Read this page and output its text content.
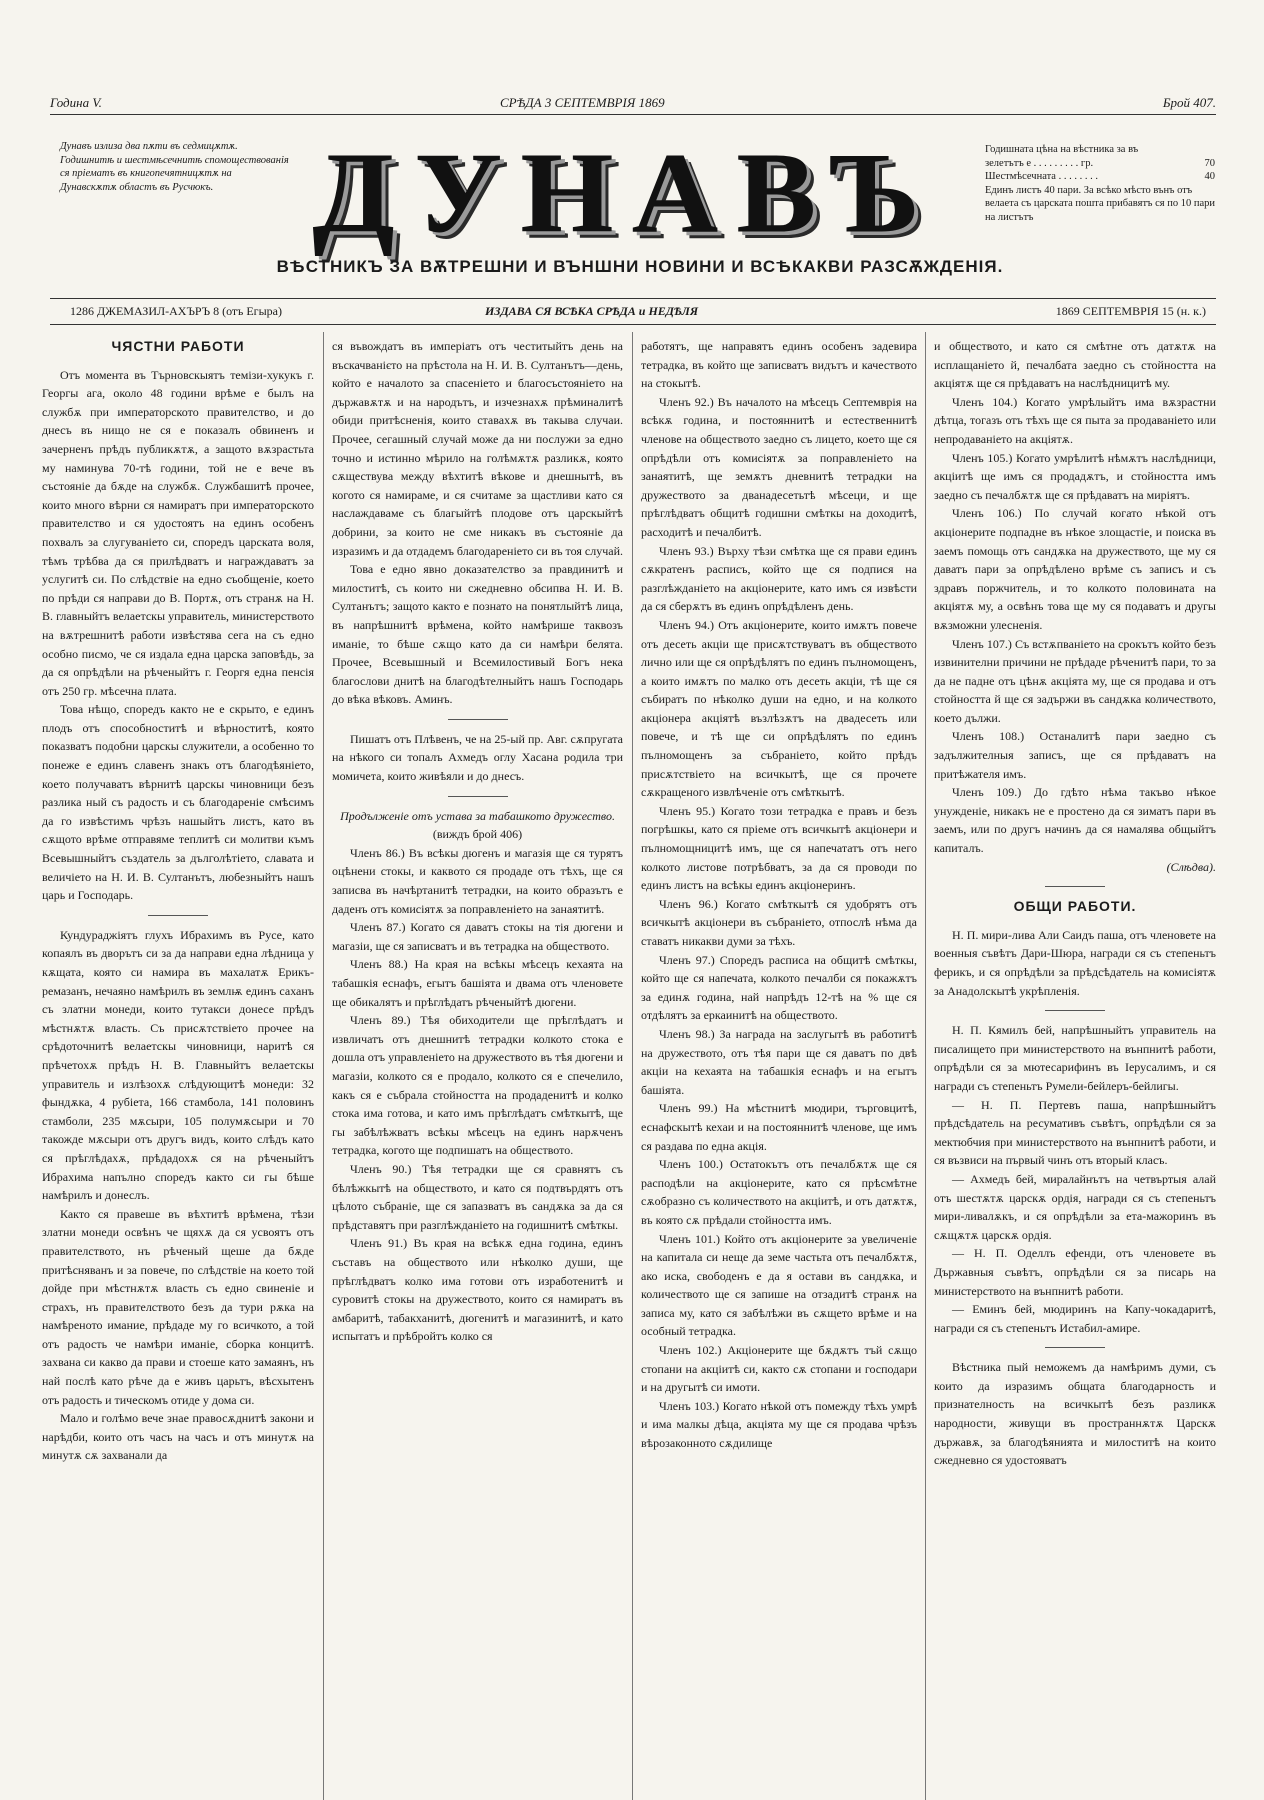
Година V.	СРѢДА 3 СЕПТЕМВРІЯ 1869	Брой 407.
Дунавъ излиза два пѫти въ седмицѫтѫ. Годишнитѣ и шестмѣсечнитѣ спомоществованія ся пріематъ въ книгопечятницѫтѫ на Дунавскѫтѫ областъ въ Русчюкъ.
Годишната цѣна на вѣстника за въ
зелетътъ е . . . . . . . . . гр.	70
Шестмѣсечната . . . . . . . .	40
Единъ листъ 40 пари. За всѣко мѣсто вънъ отъ велаета съ царската пошта прибавятъ ся по 10 пари на листътъ
ДУНАВЪ
ВѢСТНИКЪ ЗА ВѪТРЕШНИ И ВЪНШНИ НОВИНИ И ВСѢКАКВИ РАЗСѪЖДЕНІЯ.
1286 ДЖЕМАЗИЛ-АХЪРЪ 8 (отъ Егыра)	ИЗДАВА СЯ ВСѢКА СРѢДА и НЕДѢЛЯ	1869 СЕПТЕМВРІЯ 15 (н. к.)
ЧЯСТНИ РАБОТИ

Отъ момента въ Търновскыятъ темізи-хукукъ г. Георгы ага, около 48 години врѣме е былъ на службѫ при императорското правителство, и до днесъ въ нищо не ся е показалъ обвиненъ и зачерненъ прѣдъ публикѫтѫ, а защото вѫзрастьта му наминува 70-тѣ години, той не е вече въ състояніе да бѫде на службѫ. Службашитѣ прочее, които много вѣрни ся намиратъ при императорското правителство и ся удостоятъ на единъ особенъ похвалъ за слугуваніето си, споредъ царската воля, тѣмъ трѣбва да ся прилѣдватъ и награждаватъ за услугитѣ си. По слѣдствіе на едно съобщеніе, което по прѣди ся направи до В. Портѫ, отъ странѫ на Н. В. главныйтъ велаетскы управитель, министерството на вѫтрешнитѣ работи извѣстява сега на съ едно особно писмо, че ся издала една царска заповѣдь, за да ся опрѣдѣли на рѣченыйтъ г. Георгя една пенсія отъ 250 гр. мѣсечна плата.

Това нѣщо, споредъ както не е скрыто, е единъ плодъ отъ способноститѣ и вѣрноститѣ, която показватъ подобни царскы служители, а особенно то понеже е единъ славенъ знакъ отъ благодѣяніето, което получаватъ вѣрнитѣ царскы чиновници безъ разлика ный съ радость и съ благодареніе смѣсимъ да го извѣстимъ чрѣзъ нашыйтъ листъ, като въ сѫщото врѣме отправяме теплитѣ си молитви къмъ Всевышныйтъ създатель за дълголѣтіето, славата и величіето на Н. И. В. Султанътъ, любезныйтъ нашъ царь и Господарь.

Кундураджіятъ глухъ Ибрахимъ въ Русе, като копаялъ въ дворътъ си за да направи една лѣдница у кѫщата, която си намира въ махалатѫ Ерикъ-ремазанъ, нечаяно намѣрилъ въ землѭ единъ саханъ съ златни монеди, които тутакси донесе прѣдъ мѣстнѫтѫ власть. Съ присѫтствіето прочее на срѣдоточнитѣ велаетскы чиновници, наритѣ ся прѣчетохѫ прѣдъ Н. В. Главныйтъ велаетскы управитель и излѣзохѫ слѣдующитѣ монеди: 32 фындѫка, 4 рубіета, 166 стамбола, 141 половинъ стамболи, 235 мѫсыри, 105 полумѫсыри и 70 такожде мѫсыри отъ другъ видъ, които слѣдъ като ся прѣглѣдахѫ, прѣдадохѫ ся на рѣченыйтъ Ибрахима напълно споредъ както си гы бѣше намѣрилъ и донеслъ.

Както ся правеше въ вѣхтитѣ врѣмена, тѣзи златни монеди освѣнъ че щяхѫ да ся усвоятъ отъ правителството, нъ рѣченый щеше да бѫде притѣсняванъ и за повече, по слѣдствіе на което той дойде при мѣстнѫтѫ власть съ едно свиненіе и страхъ, нъ правителството безъ да тури рѫка на намѣреното имание, прѣдаде му го всичкото, а той отъ радость че намѣри иманіе, сборка концитѣ. захвана си какво да прави и стоеше като замаянъ, нъ най послѣ като рѣче да е живъ царьтъ, вѣсхытенъ отъ радость и тическомъ отиде у дома си.

Мало и голѣмо вече знае правосѫднитѣ закони и нарѣдби, които отъ часъ на часъ и отъ минутѫ на минутѫ сѫ захванали да

ся въвождатъ въ имперіатъ отъ честитыйтъ день на въскачванієто на прѣстола на Н. И. В. Султанътъ—день, който е началото за спасеніето и благосъстояніето на държавѫтѫ и на народътъ, и изчезнахѫ прѣминалитѣ обиди притѣсненія, които ставахѫ въ такыва случаи. Прочее, сегашный случай може да ни послужи за едно точно и истинно мѣрило на голѣмѫтѫ разликѫ, която сѫществува между вѣхтитѣ вѣкове и днешнытѣ, въ когото ся намираме, и ся считаме за щастливи като ся наслаждаваме съ благыйтѣ плодове отъ царскыйтѣ добрини, за които не сме никакъ въ състояніе да изразимъ и да отдадемъ благодареніето си въ тоя случай.

Това е едно явно доказателство за правдинитѣ и милоститѣ, съ които ни сжедневно обсипва Н. И. В. Султанътъ; защото както е познато на понятлыйтѣ лица, въ напрѣшнитѣ врѣмена, който намѣрише таквозъ иманіе, то бѣше сѫщо като да си намѣри белята. Прочее, Всевышный и Всемилостивый Богъ нека благослови днитѣ на благодѣтелныйтъ нашъ Господарь до вѣка вѣковъ. Аминъ.

Пишатъ отъ Плѣвенъ, че на 25-ый пр. Авг. сѫпругата на нѣкого си топалъ Ахмедъ оглу Хасана родила три момичета, които живѣяли и до днесъ.

Продълженіе отъ устава за табашкото дружество.

(виждъ брой 406)

Членъ 86.) Въ всѣкы дюгенъ и магазія ще ся турятъ оцѣнени стокы, и каквото ся продаде отъ тѣхъ, ще ся записва въ начѣртанитѣ тетрадки, на които образътъ е даденъ отъ комисіятѫ за поправленіето на занаятитѣ.

Членъ 87.) Когато ся даватъ стокы на тія дюгени и магазіи, ще ся записватъ и въ тетрадка на обществото.

Членъ 88.) На края на всѣкы мѣсецъ кехаята на табашкія еснафъ, егытъ башіята и двама отъ членовете ще обикалятъ и прѣглѣдатъ рѣченыйтѣ дюгени.

Членъ 89.) Тѣя обиходители ще прѣглѣдатъ и извличатъ отъ днешнитѣ тетрадки колкото стока е дошла отъ управленіето на дружеството въ тѣя дюгени и магазіи, колкото ся е продало, колкото ся е спечелило, какъ ся е събрала стойността на продаденитѣ и колко стока има готова, и като имъ прѣглѣдатъ смѣткытѣ, ще гы забѣлѣжватъ всѣкы мѣсецъ на единъ нарѫченъ тетрадка, когото ще подпишатъ на обществото.

Членъ 90.) Тѣя тетрадки ще ся сравнятъ съ бѣлѣжкытѣ на обществото, и като ся подтвърдятъ отъ цѣлото събраніе, ще ся запазватъ въ сандѫка за да ся прѣдставятъ при разглѣжданіето на годишнитѣ смѣткы.

Членъ 91.) Въ края на всѣкѫ една година, единъ съставъ на обществото или нѣколко души, ще прѣглѣдватъ колко има готови отъ изработенитѣ и суровитѣ стокы на дружеството, които ся намиратъ въ амбаритѣ, табакханитѣ, дюгенитѣ и магазинитѣ, и като испытатъ и прѣбройтъ колко ся

работятъ, ще направятъ единъ особенъ задевира тетрадка, въ който ще записватъ видътъ и качеството на стокытѣ.

Членъ 92.) Въ началото на мѣсецъ Септемврія на всѣкѫ година, и постояннитѣ и естественнитѣ членове на обществото заедно съ лицето, което ще ся опрѣдѣли отъ комисіятѫ за поправленіето на занаятитѣ, ще земѫтъ дневнитѣ тетрадки на дружеството за дванадесетьтѣ мѣсеци, и ще прѣглѣдватъ общитѣ годишни смѣткы на доходитѣ, расходитѣ и печалбитѣ.

Членъ 93.) Върху тѣзи смѣтка ще ся прави единъ сѫкратенъ расписъ, който ще ся подпися на разглѣжданіето на акціонерите, като имъ ся извѣсти да ся сберѫтъ въ единъ опрѣдѣленъ день.

Членъ 94.) Отъ акціонерите, които имѫтъ повече отъ десеть акціи ще присѫтствуватъ въ обществото лично или ще ся опрѣдѣлятъ по единъ пълномощенъ, а които имѫтъ по малко отъ десеть акціи, тѣ ще ся събиратъ по нѣколко души на едно, и на колкото акціонера акціятѣ възлѣзѫтъ на двадесеть или повече, и тѣ ще си опрѣдѣлятъ по единъ пълномощенъ за събраніето, който прѣдъ присѫтствіето на всичкытѣ, ще ся прочете сѫкращеного извлѣченіе отъ смѣткытѣ.

Членъ 95.) Когато този тетрадка е правъ и безъ погрѣшкы, като ся пріеме отъ всичкытѣ акціонери и пълномощницитѣ имъ, ще ся напечататъ отъ него колкото листове потрѣбватъ, за да ся проводи по единъ листъ на всѣкы единъ акціонеринъ.

Членъ 96.) Когато смѣткытѣ ся удобрятъ отъ всичкытѣ акціонери въ събраніето, отпослѣ нѣма да ставатъ никакви думи за тѣхъ.

Членъ 97.) Споредъ расписа на общитѣ смѣткы, който ще ся напечата, колкото печалби ся покажѫтъ за единѫ година, най напрѣдъ 12-тѣ на % ще ся отдѣлятъ за еркаинитѣ на обществото.

Членъ 98.) За награда на заслугытѣ въ работитѣ на дружеството, отъ тѣя пари ще ся даватъ по двѣ акціи на кехаята на табашкія еснафъ и на егытъ башіята.

Членъ 99.) На мѣстнитѣ мюдири, търговцитѣ, еснафскытѣ кехаи и на постояннитѣ членове, ще имъ ся раздава по една акція.

Членъ 100.) Остатокътъ отъ печалбѫтѫ ще ся расподѣли на акціонерите, като ся прѣсмѣтне сѫобразно съ количеството на акціитѣ, и отъ датѫтѫ, въ която сѫ прѣдали стойността имъ.

Членъ 101.) Който отъ акціонерите за увеличеніе на капитала си нещe да земе частьта отъ печалбѫтѫ, ако иска, свободенъ е да я остави въ сандѫка, и количеството ще ся запише на отзадитѣ странѫ на записа му, като ся забѣлѣжи въ сѫщето врѣме и на особный тетрадка.

Членъ 102.) Акціонерите ще бѫдѫтъ тъй сѫщо стопани на акціитѣ си, както сѫ стопани и господари и на другытѣ си имоти.

Членъ 103.) Когато нѣкой отъ помежду тѣхъ умрѣ и има малкы дѣца, акціята му ще ся продава чрѣзъ вѣрозаконното сѫдилище

и обществото, и като ся смѣтне отъ датѫтѫ на исплащаніето й, печалбата заедно съ стойността на акціятѫ ще ся прѣдаватъ на наслѣдницитѣ му.

Членъ 104.) Когато умрѣлыйтъ има вѫзрастни дѣтца, тогазъ отъ тѣхъ ще ся пыта за продаваніето или непродаваніето на акціятѫ.

Членъ 105.) Когато умрѣлитѣ нѣмѫтъ наслѣдници, акціитѣ ще имъ ся продадѫтъ, и стойността имъ заедно съ печалбѫтѫ ще ся прѣдаватъ на миріятъ.

Членъ 106.) По случай когато нѣкой отъ акціонерите подпадне въ нѣкое злощастіе, и поиска въ заемъ помощь отъ сандѫка на дружеството, ще му ся даватъ пари за опрѣдѣлено врѣме съ записъ и съ здравъ поржчитель, и то колкото половината на акціятѫ му, а освѣнъ това ще му ся подаватъ и другы вѫзможни улесненія.

Членъ 107.) Съ встѫпваніето на срокътъ който безъ извинителни причини не прѣдаде рѣченитѣ пари, то за да не падне отъ цѣнѫ акціята му, ще ся продава и отъ стойността й ще ся задържи въ сандѫка количеството, което дължи.

Членъ 108.) Останалитѣ пари заедно съ задължителныя записъ, ще ся прѣдаватъ на притѣжателя имъ.

Членъ 109.) До гдѣто нѣма такъво нѣкое унужденіе, никакъ не е простено да ся зиматъ пари въ заемъ, или по другъ начинъ да ся намалява общыйтъ капиталъ.

(Слѣдва).

ОБЩИ РАБОТИ.

Н. П. мири-лива Али Саидъ паша, отъ членовете на военныя съвѣтъ Дари-Шюра, награди ся съ степеньтъ ферикъ, и ся опрѣдѣли за прѣдсѣдатель на комисіятѫ за Анадолскытѣ укрѣпленія.

Н. П. Кямилъ бей, напрѣшныйтъ управитель на писалището при министерството на вънпнитѣ работи, опрѣдѣли ся за мютесарифинъ въ Іерусалимъ, и ся награди съ степеньтъ Румели-бейлеръ-бейлигы.

— Н. П. Пертевъ паша, напрѣшныйтъ прѣдсѣдатель на ресумативъ съвѣтъ, опрѣдѣли ся за мектюбчия при министерството на вънпнитѣ работи, и ся възвиси на първый чинъ отъ вторый класъ.

— Ахмедъ бей, миралайнътъ на четвъртыя алай отъ шестѫтѫ царскѫ ордія, награди ся съ степеньтъ мири-ливалѫкъ, и ся опрѣдѣли за ета-мажоринъ въ сѫщѫтѫ царскѫ ордія.

— Н. П. Оделлъ ефенди, отъ членовете въ Държавныя съвѣтъ, опрѣдѣли ся за писарь на министерството на вънпнитѣ работи.

— Еминъ бей, мюдиринъ на Капу-чокадаритѣ, награди ся съ степеньтъ Истабил-амире.

Вѣстника пый неможемъ да намѣримъ думи, съ които да изразимъ общата благодарность и признателность на всичкытѣ безъ разликѫ народности, живущи въ пространнѫтѫ Царскѫ държавѫ, за благодѣянията и милоститѣ на които сжедневно ся удостояватъ
